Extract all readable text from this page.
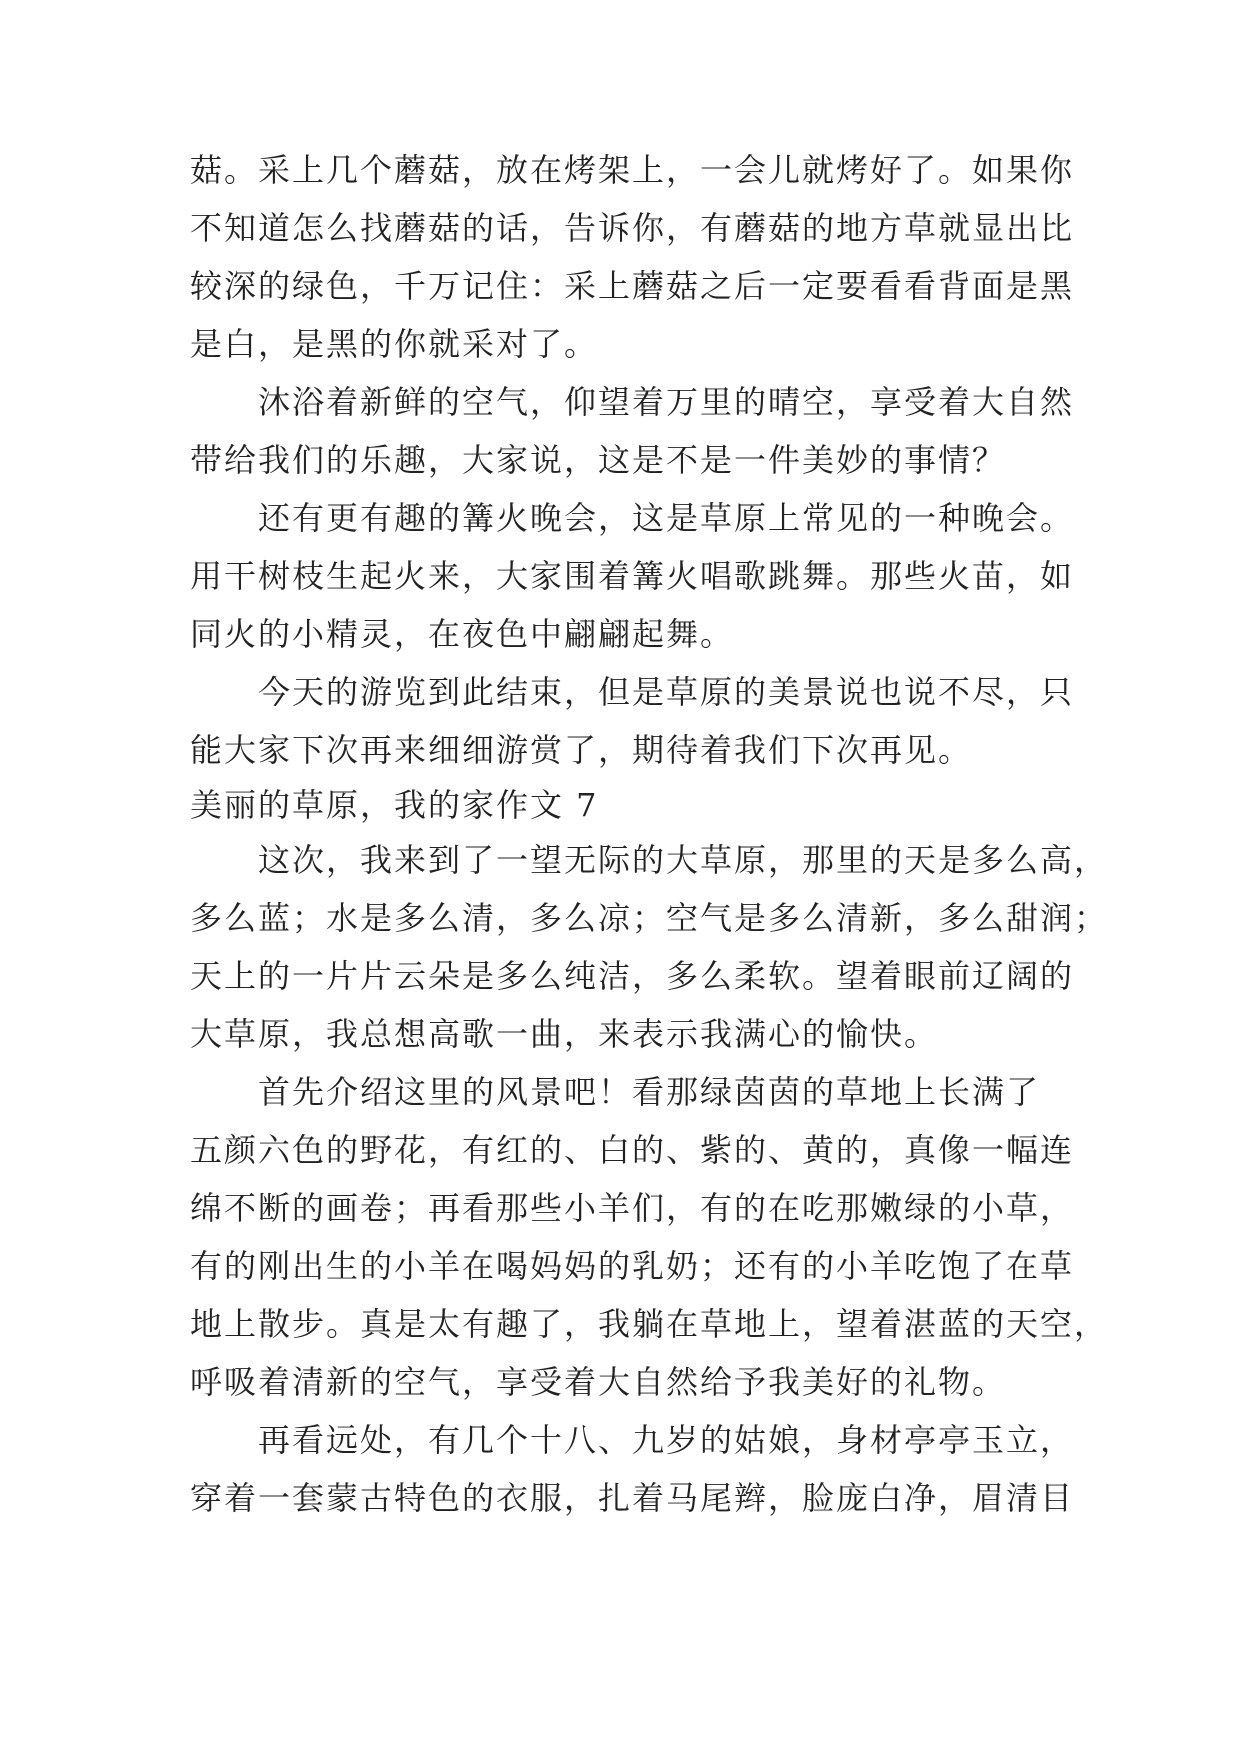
菇。采上几个蘑菇，放在烤架上，一会儿就烤好了。如果你
不知道怎么找蘑菇的话，告诉你，有蘑菇的地方草就显出比
较深的绿色，千万记住：采上蘑菇之后一定要看看背面是黑
是白，是黑的你就采对了。
沐浴着新鲜的空气，仰望着万里的晴空，享受着大自然
带给我们的乐趣，大家说，这是不是一件美妙的事情？
还有更有趣的篝火晚会，这是草原上常见的一种晚会。
用干树枝生起火来，大家围着篝火唱歌跳舞。那些火苗，如
同火的小精灵，在夜色中翩翩起舞。
今天的游览到此结束，但是草原的美景说也说不尽，只
能大家下次再来细细游赏了，期待着我们下次再见。
美丽的草原，我的家作文 7
这次，我来到了一望无际的大草原，那里的天是多么高，
多么蓝；水是多么清，多么凉；空气是多么清新，多么甜润；
天上的一片片云朵是多么纯洁，多么柔软。望着眼前辽阔的
大草原，我总想高歌一曲，来表示我满心的愉快。
首先介绍这里的风景吧！看那绿茵茵的草地上长满了
五颜六色的野花，有红的、白的、紫的、黄的，真像一幅连
绵不断的画卷；再看那些小羊们，有的在吃那嫩绿的小草，
有的刚出生的小羊在喝妈妈的乳奶；还有的小羊吃饱了在草
地上散步。真是太有趣了，我躺在草地上，望着湛蓝的天空，
呼吸着清新的空气，享受着大自然给予我美好的礼物。
再看远处，有几个十八、九岁的姑娘，身材亭亭玉立，
穿着一套蒙古特色的衣服，扎着马尾辫，脸庞白净，眉清目
